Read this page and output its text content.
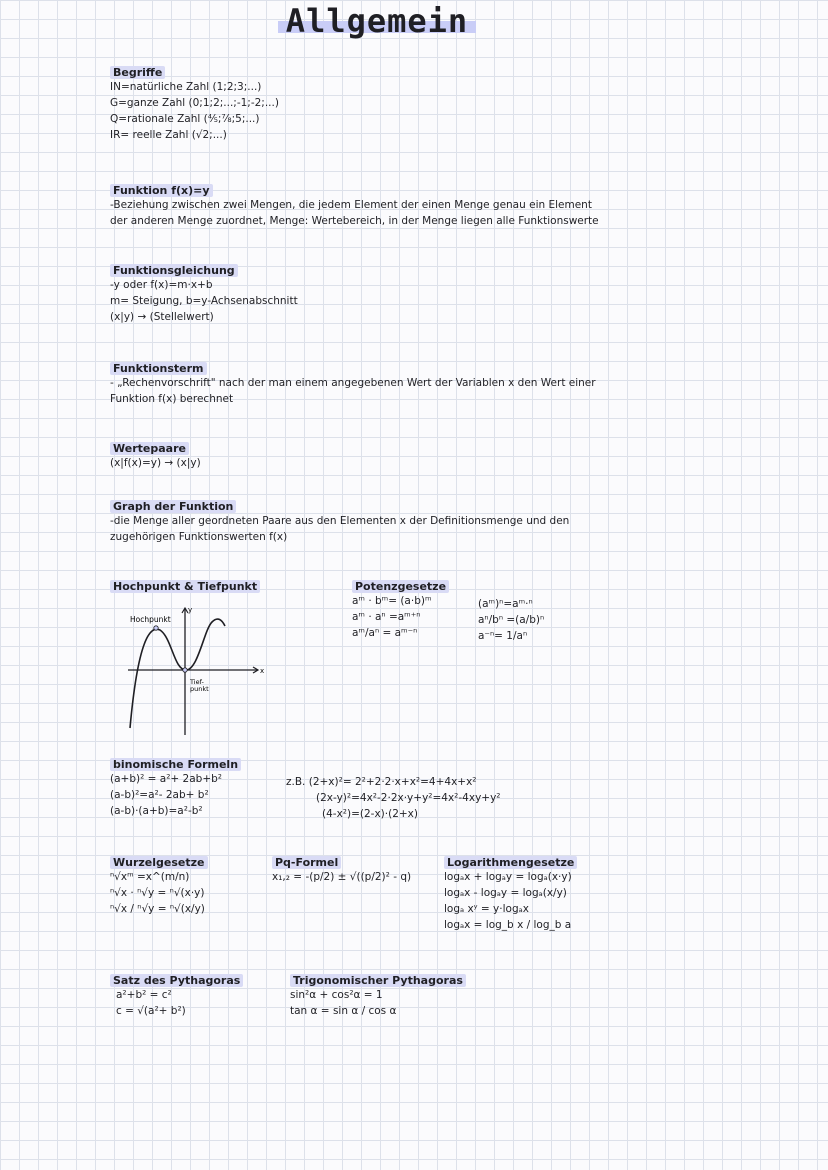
Allgemein
Begriffe
IN=natürliche Zahl (1;2;3;...)
G=ganze Zahl (0;1;2;...;-1;-2;...)
Q=rationale Zahl (⅘;⅞;5;...)
IR= reelle Zahl (√2;...)
Funktion f(x)=y
-Beziehung zwischen zwei Mengen, die jedem Element der einen Menge genau ein Element
der anderen Menge zuordnet, Menge: Wertebereich, in der Menge liegen alle Funktionswerte
Funktionsgleichung
-y oder f(x)=m·x+b
m= Steigung, b=y-Achsenabschnitt
(x|y) → (Stellelwert)
Funktionsterm
- „Rechenvorschrift" nach der man einem angegebenen Wert der Variablen x den Wert einer
Funktion f(x) berechnet
Wertepaare
(x|f(x)=y) → (x|y)
Graph der Funktion
-die Menge aller geordneten Paare aus den Elementen x der Definitionsmenge und den
zugehörigen Funktionswerten f(x)
Hochpunkt & Tiefpunkt
Hochpunkt
Tief-
punkt
x
y
Potenzgesetze
aᵐ · bᵐ= (a·b)ᵐ
aᵐ · aⁿ =aᵐ⁺ⁿ
aᵐ/aⁿ = aᵐ⁻ⁿ
(aᵐ)ⁿ=aᵐ·ⁿ
aⁿ/bⁿ =(a/b)ⁿ
a⁻ⁿ= 1/aⁿ
binomische Formeln
(a+b)² = a²+ 2ab+b²
(a-b)²=a²- 2ab+ b²
(a-b)·(a+b)=a²-b²
z.B. (2+x)²= 2²+2·2·x+x²=4+4x+x²
(2x-y)²=4x²-2·2x·y+y²=4x²-4xy+y²
(4-x²)=(2-x)·(2+x)
Wurzelgesetze
ⁿ√xᵐ =x^(m/n)
ⁿ√x · ⁿ√y = ⁿ√(x·y)
ⁿ√x / ⁿ√y = ⁿ√(x/y)
Pq-Formel
x₁,₂ = -(p/2) ± √((p/2)² - q)
Logarithmengesetze
logₐx + logₐy = logₐ(x·y)
logₐx - logₐy = logₐ(x/y)
logₐ xʸ = y·logₐx
logₐx = log_b x / log_b a
Satz des Pythagoras
a²+b² = c²
c = √(a²+ b²)
Trigonomischer Pythagoras
sin²α + cos²α = 1
tan α = sin α / cos α
